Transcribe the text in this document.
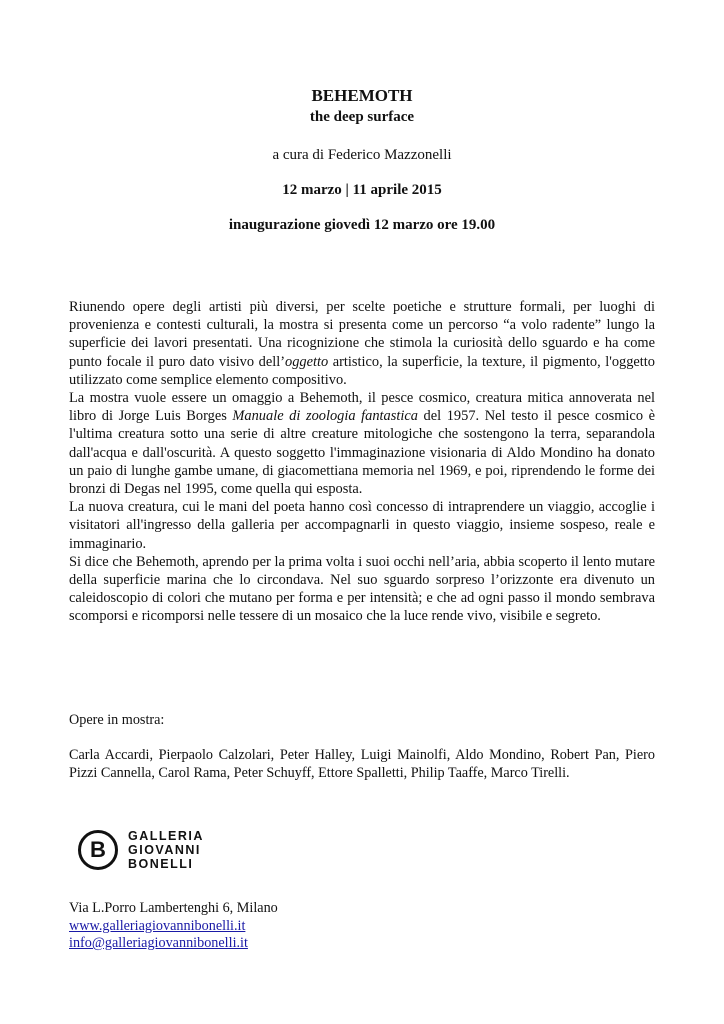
BEHEMOTH
the deep surface
a cura di Federico Mazzonelli
12 marzo | 11 aprile 2015
inaugurazione giovedì 12 marzo ore 19.00

Riunendo opere degli artisti più diversi, per scelte poetiche e strutture formali, per luoghi di provenienza e contesti culturali, la mostra si presenta come un percorso “a volo radente” lungo la superficie dei lavori presentati. Una ricognizione che stimola la curiosità dello sguardo e ha come punto focale il puro dato visivo dell’oggetto artistico, la superficie, la texture, il pigmento, l'oggetto utilizzato come semplice elemento compositivo.

La mostra vuole essere un omaggio a Behemoth, il pesce cosmico, creatura mitica annoverata nel libro di Jorge Luis Borges Manuale di zoologia fantastica del 1957. Nel testo il pesce cosmico è l'ultima creatura sotto una serie di altre creature mitologiche che sostengono la terra, separandola dall'acqua e dall'oscurità. A questo soggetto l'immaginazione visionaria di Aldo Mondino ha donato un paio di lunghe gambe umane, di giacomettiana memoria nel 1969, e poi, riprendendo le forme dei bronzi di Degas nel 1995, come quella qui esposta.

La nuova creatura, cui le mani del poeta hanno così concesso di intraprendere un viaggio, accoglie i visitatori all'ingresso della galleria per accompagnarli in questo viaggio, insieme sospeso, reale e immaginario.

Si dice che Behemoth, aprendo per la prima volta i suoi occhi nell’aria, abbia scoperto il lento mutare della superficie marina che lo circondava. Nel suo sguardo sorpreso l’orizzonte era divenuto un caleidoscopio di colori che mutano per forma e per intensità; e che ad ogni passo il mondo sembrava scomporsi e ricomporsi nelle tessere di un mosaico che la luce rende vivo, visibile e segreto.

Opere in mostra:
Carla Accardi, Pierpaolo Calzolari, Peter Halley, Luigi Mainolfi, Aldo Mondino, Robert Pan, Piero Pizzi Cannella, Carol Rama, Peter Schuyff, Ettore Spalletti, Philip Taaffe, Marco Tirelli.
B
GALLERIA
GIOVANNI
BONELLI
Via L.Porro Lambertenghi 6, Milano
www.galleriagiovannibonelli.it
info@galleriagiovannibonelli.it
